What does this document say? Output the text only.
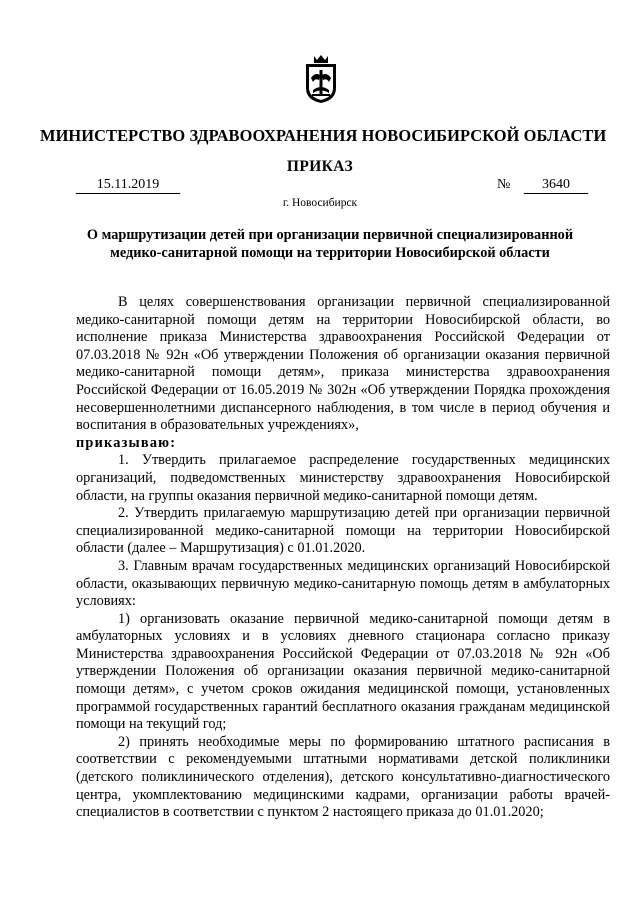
МИНИСТЕРСТВО ЗДРАВООХРАНЕНИЯ НОВОСИБИРСКОЙ ОБЛАСТИ
ПРИКАЗ
15.11.2019	№	3640
г. Новосибирск
О маршрутизации детей при организации первичной специализированной медико-санитарной помощи на территории Новосибирской области

В целях совершенствования организации первичной специализированной медико-санитарной помощи детям на территории Новосибирской области, во исполнение приказа Министерства здравоохранения Российской Федерации от 07.03.2018 № 92н «Об утверждении Положения об организации оказания первичной медико-санитарной помощи детям», приказа министерства здравоохранения Российской Федерации от 16.05.2019 № 302н «Об утверждении Порядка прохождения несовершеннолетними диспансерного наблюдения, в том числе в период обучения и воспитания в образовательных учреждениях»,

приказываю:

1. Утвердить прилагаемое распределение государственных медицинских организаций, подведомственных министерству здравоохранения Новосибирской области, на группы оказания первичной медико-санитарной помощи детям.

2. Утвердить прилагаемую маршрутизацию детей при организации первичной специализированной медико-санитарной помощи на территории Новосибирской области (далее – Маршрутизация) с 01.01.2020.

3. Главным врачам государственных медицинских организаций Новосибирской области, оказывающих первичную медико-санитарную помощь детям в амбулаторных условиях:

1) организовать оказание первичной медико-санитарной помощи детям в амбулаторных условиях и в условиях дневного стационара согласно приказу Министерства здравоохранения Российской Федерации от 07.03.2018 № 92н «Об утверждении Положения об организации оказания первичной медико-санитарной помощи детям», с учетом сроков ожидания медицинской помощи, установленных программой государственных гарантий бесплатного оказания гражданам медицинской помощи на текущий год;

2) принять необходимые меры по формированию штатного расписания в соответствии с рекомендуемыми штатными нормативами детской поликлиники (детского поликлинического отделения), детского консультативно-диагностического центра, укомплектованию медицинскими кадрами, организации работы врачей-специалистов в соответствии с пунктом 2 настоящего приказа до 01.01.2020;
